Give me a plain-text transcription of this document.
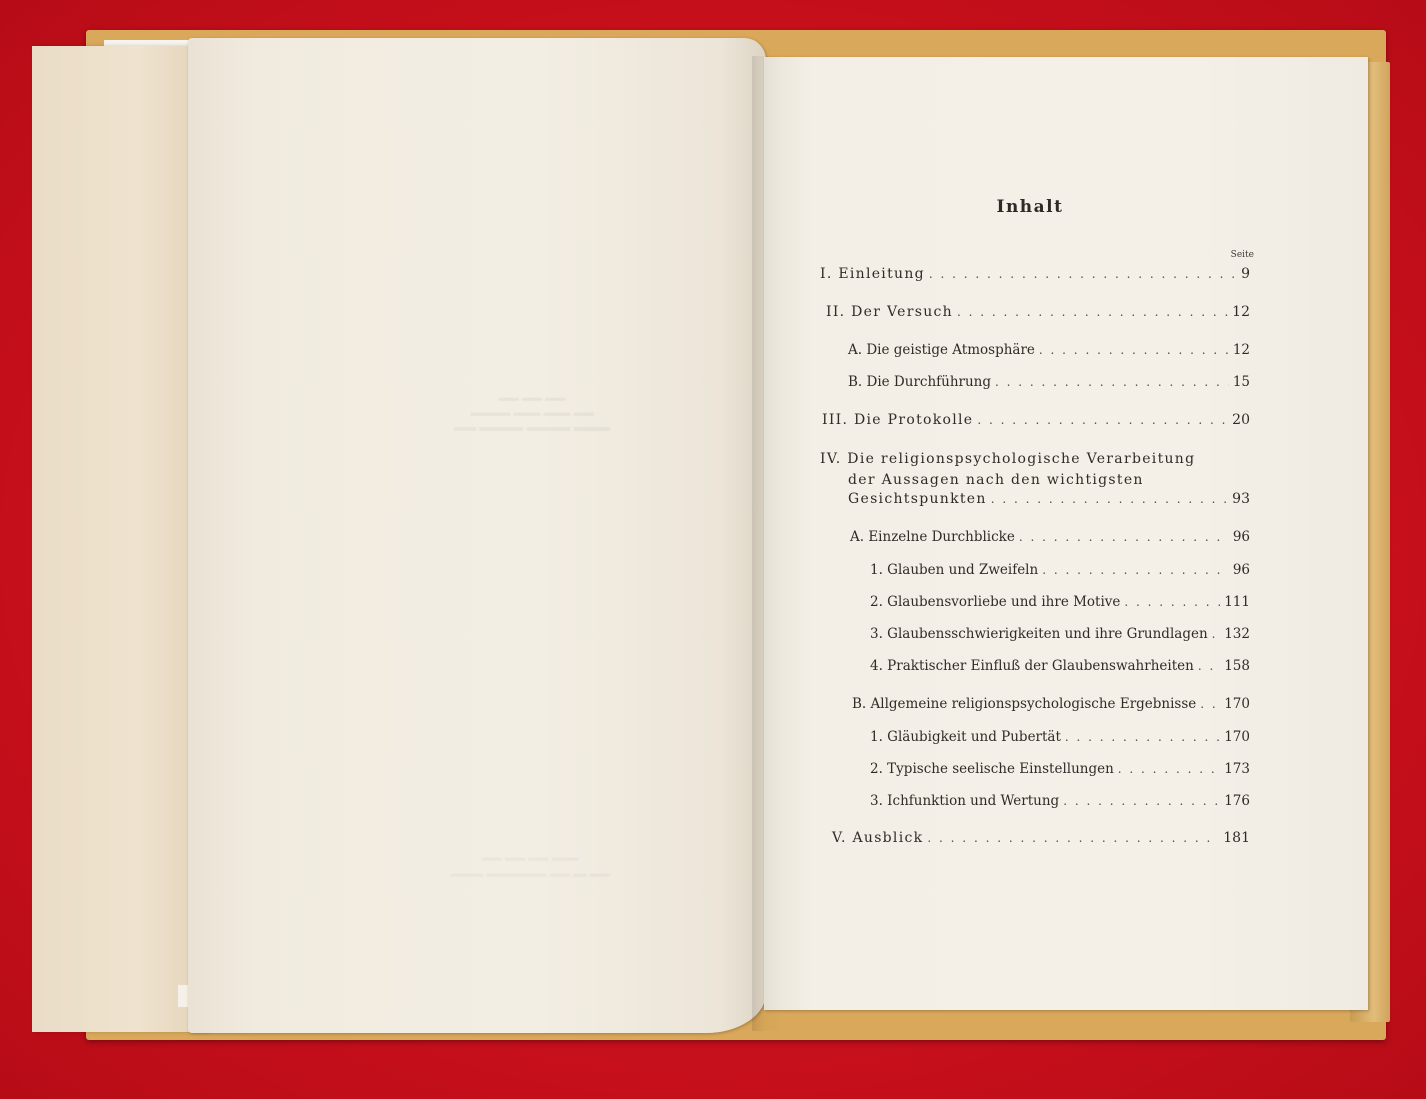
═══ ═══ ═══ ════
═════ ═════════ ═══ ══ ═══
Inhalt
Seite
I. Einleitung . . .	9
II. Der Versuch . . .	12
A. Die geistige Atmosphäre . . .	12
B. Die Durchführung . . .	15
III. Die Protokolle . . .	20
IV. Die religionspsychologische Verarbeitung
der Aussagen nach den wichtigsten
Gesichtspunkten . . .	93
A. Einzelne Durchblicke . . .	96
1. Glauben und Zweifeln . . .	96
2. Glaubensvorliebe und ihre Motive . . .	111
3. Glaubensschwierigkeiten und ihre Grundlagen . . . 132
4. Praktischer Einfluß der Glaubenswahrheiten . . . 158
B. Allgemeine religionspsychologische Ergebnisse . . . 170
1. Gläubigkeit und Pubertät . . .	170
2. Typische seelische Einstellungen . . .	173
3. Ichfunktion und Wertung . . .	176
V. Ausblick . . .	181
